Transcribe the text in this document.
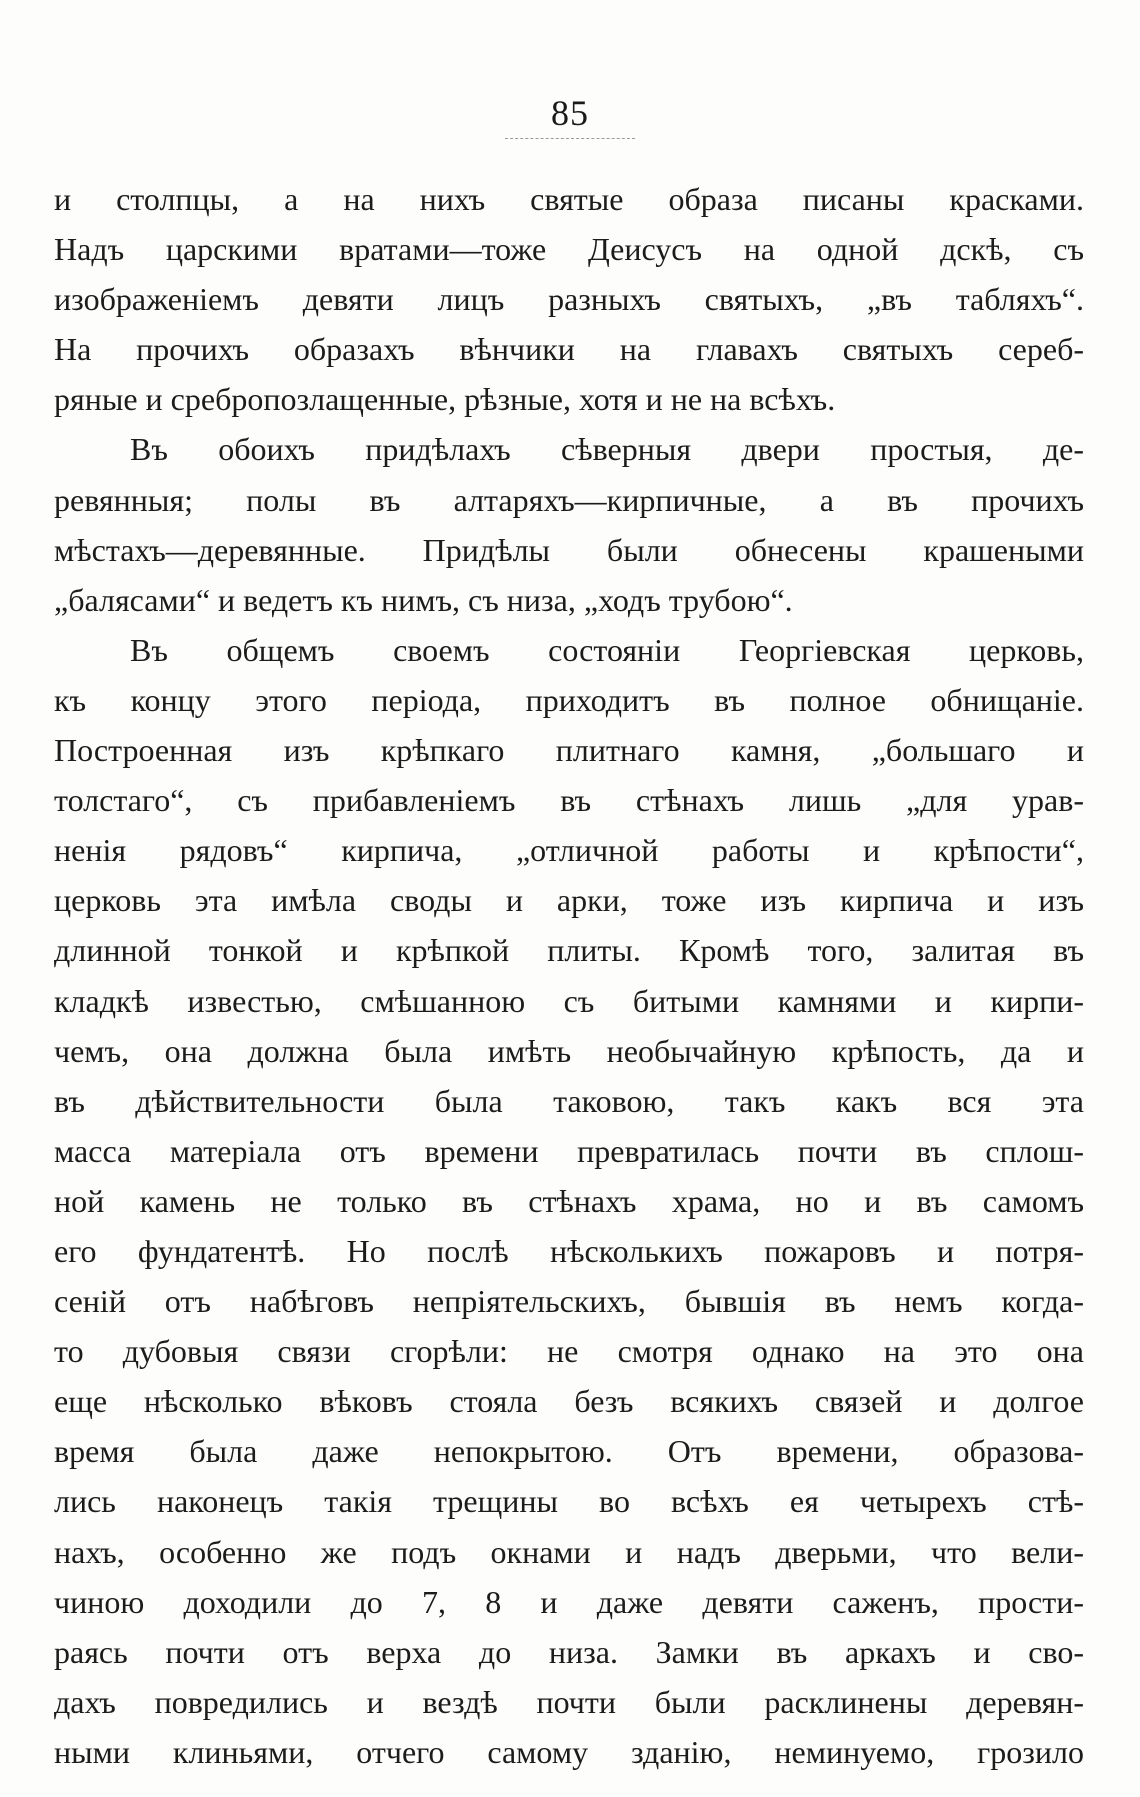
85
и столпцы, а на нихъ святые образа писаны красками.
Надъ царскими вратами—тоже Деисусъ на одной дскѣ, съ
изображенiемъ девяти лицъ разныхъ святыхъ, „въ табляхъ“.
На прочихъ образахъ вѣнчики на главахъ святыхъ сереб-
ряные и сребропозлащенные, рѣзные, хотя и не на всѣхъ.
Въ обоихъ придѣлахъ сѣверныя двери простыя, де-
ревянныя; полы въ алтаряхъ—кирпичные, а въ прочихъ
мѣстахъ—деревянные. Придѣлы были обнесены крашеными
„балясами“ и ведетъ къ нимъ, съ низа, „ходъ трубою“.
Въ общемъ своемъ состоянiи Георгiевская церковь,
къ концу этого перiода, приходитъ въ полное обнищанiе.
Построенная изъ крѣпкаго плитнаго камня, „большаго и
толстаго“, съ прибавленiемъ въ стѣнахъ лишь „для урав-
ненiя рядовъ“ кирпича, „отличной работы и крѣпости“,
церковь эта имѣла своды и арки, тоже изъ кирпича и изъ
длинной тонкой и крѣпкой плиты. Кромѣ того, залитая въ
кладкѣ известью, смѣшанною съ битыми камнями и кирпи-
чемъ, она должна была имѣть необычайную крѣпость, да и
въ дѣйствительности была таковою, такъ какъ вся эта
масса матерiала отъ времени превратилась почти въ сплош-
ной камень не только въ стѣнахъ храма, но и въ самомъ
его фундатентѣ. Но послѣ нѣсколькихъ пожаровъ и потря-
сенiй отъ набѣговъ непрiятельскихъ, бывшiя въ немъ когда-
то дубовыя связи сгорѣли: не смотря однако на это она
еще нѣсколько вѣковъ стояла безъ всякихъ связей и долгое
время была даже непокрытою. Отъ времени, образова-
лись наконецъ такiя трещины во всѣхъ ея четырехъ стѣ-
нахъ, особенно же подъ окнами и надъ дверьми, что вели-
чиною доходили до 7, 8 и даже девяти саженъ, прости-
раясь почти отъ верха до низа. Замки въ аркахъ и сво-
дахъ повредились и вездѣ почти были расклинены деревян-
ными клиньями, отчего самому зданiю, неминуемо, грозило
